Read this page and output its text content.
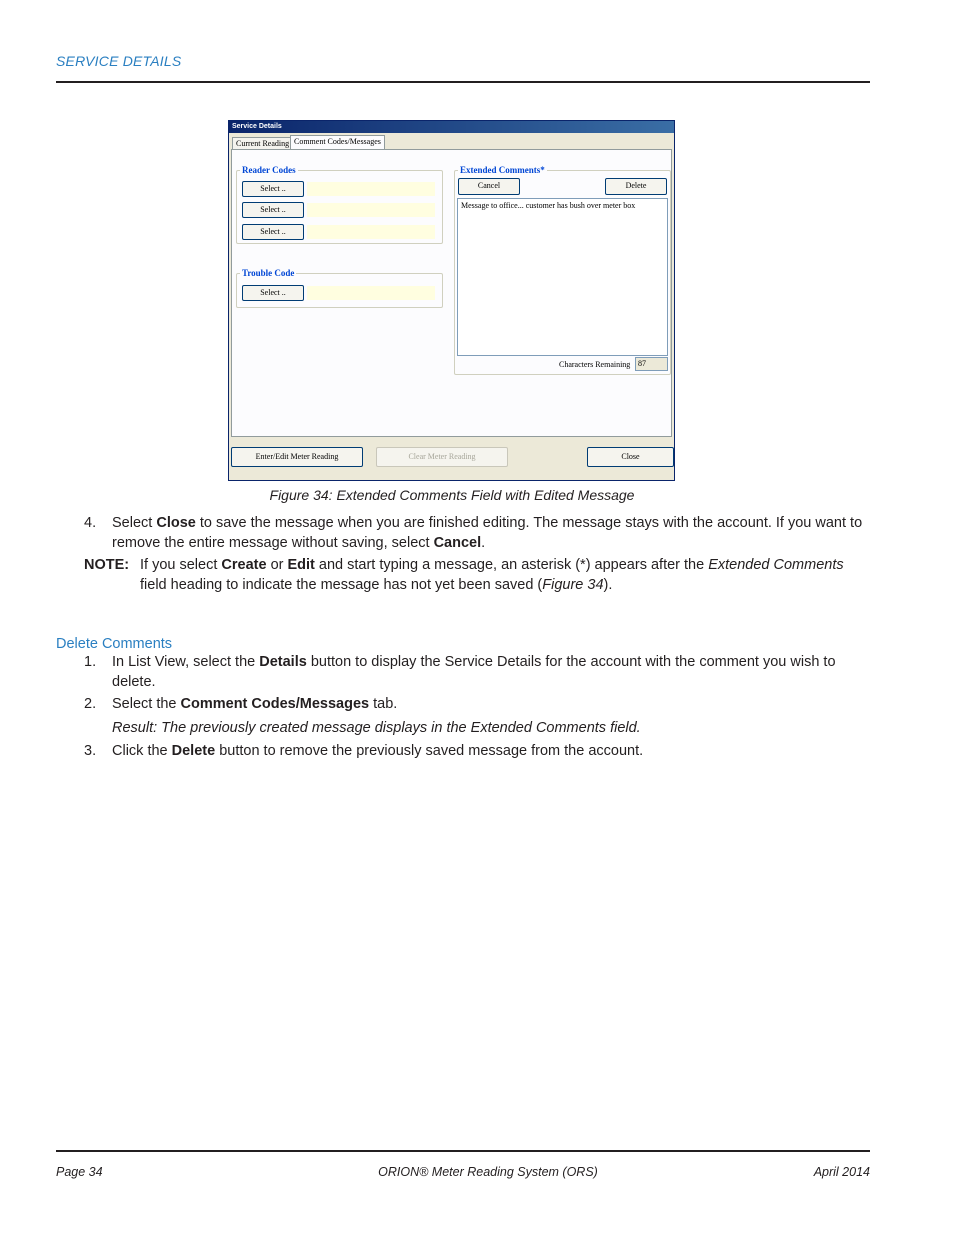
SERVICE DETAILS
Service Details
Current Reading Comment Codes/Messages
Reader Codes
Select ..
Select ..
Select ..
Trouble Code
Select ..
Extended Comments*
Cancel	Delete
Message to office... customer has bush over meter box
Characters Remaining 87
Enter/Edit Meter Reading	Clear Meter Reading	Close
Figure 34: Extended Comments Field with Edited Message
4. Select Close to save the message when you are finished editing. The message stays with the account. If you want to remove the entire message without saving, select Cancel.
NOTE: If you select Create or Edit and start typing a message, an asterisk (*) appears after the Extended Comments field heading to indicate the message has not yet been saved (Figure 34).
Delete Comments
1. In List View, select the Details button to display the Service Details for the account with the comment you wish to delete.
2. Select the Comment Codes/Messages tab.
Result: The previously created message displays in the Extended Comments field.
3. Click the Delete button to remove the previously saved message from the account.
Page 34	ORION® Meter Reading System (ORS)	April 2014
